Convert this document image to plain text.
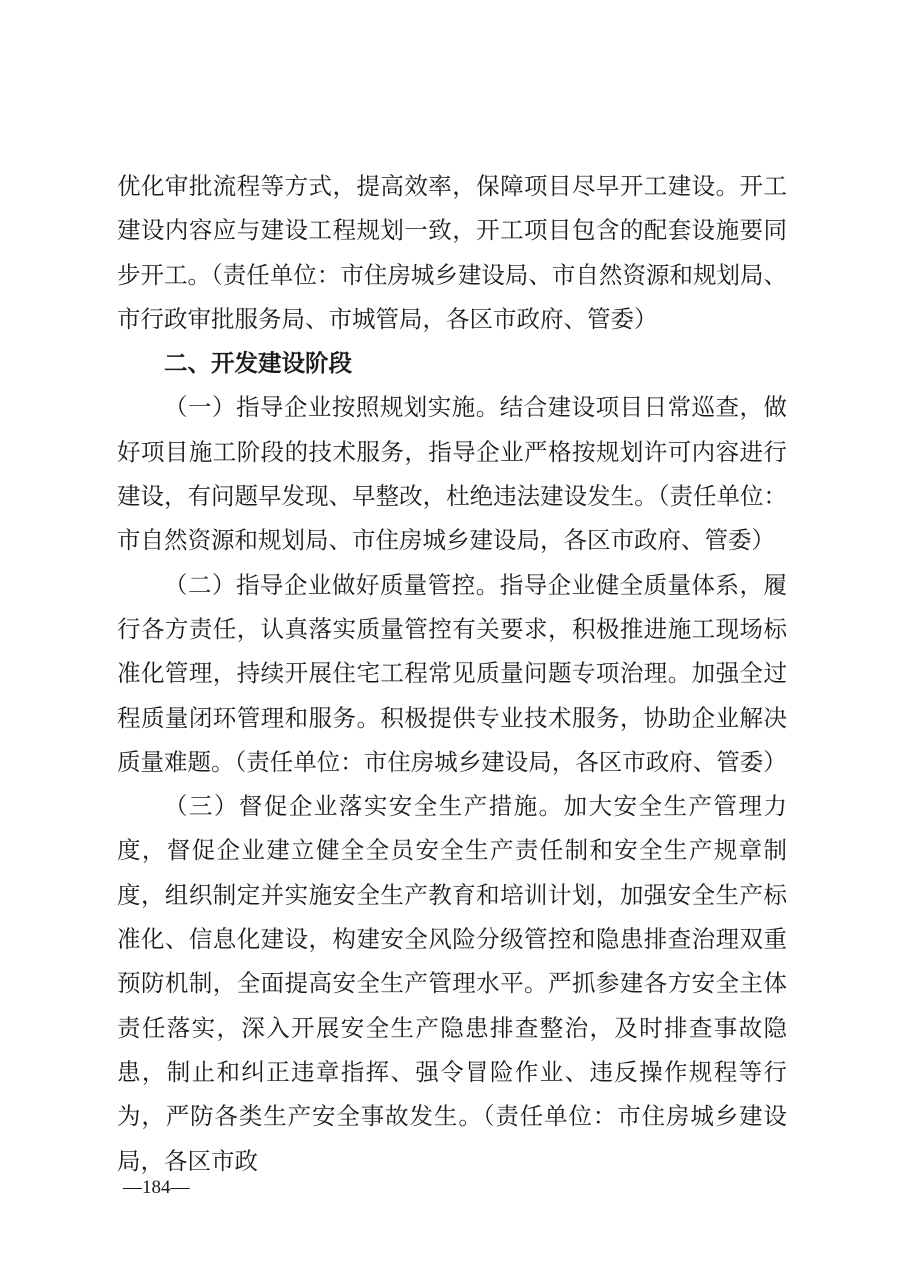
优化审批流程等方式，提高效率，保障项目尽早开工建设。开工建设内容应与建设工程规划一致，开工项目包含的配套设施要同步开工。（责任单位：市住房城乡建设局、市自然资源和规划局、市行政审批服务局、市城管局，各区市政府、管委）

二、开发建设阶段

（一）指导企业按照规划实施。结合建设项目日常巡查，做好项目施工阶段的技术服务，指导企业严格按规划许可内容进行建设，有问题早发现、早整改，杜绝违法建设发生。（责任单位：市自然资源和规划局、市住房城乡建设局，各区市政府、管委）

（二）指导企业做好质量管控。指导企业健全质量体系，履行各方责任，认真落实质量管控有关要求，积极推进施工现场标准化管理，持续开展住宅工程常见质量问题专项治理。加强全过程质量闭环管理和服务。积极提供专业技术服务，协助企业解决质量难题。（责任单位：市住房城乡建设局，各区市政府、管委）

（三）督促企业落实安全生产措施。加大安全生产管理力度，督促企业建立健全全员安全生产责任制和安全生产规章制度，组织制定并实施安全生产教育和培训计划，加强安全生产标准化、信息化建设，构建安全风险分级管控和隐患排查治理双重预防机制，全面提高安全生产管理水平。严抓参建各方安全主体责任落实，深入开展安全生产隐患排查整治，及时排查事故隐患，制止和纠正违章指挥、强令冒险作业、违反操作规程等行为，严防各类生产安全事故发生。（责任单位：市住房城乡建设局，各区市政

—184—
